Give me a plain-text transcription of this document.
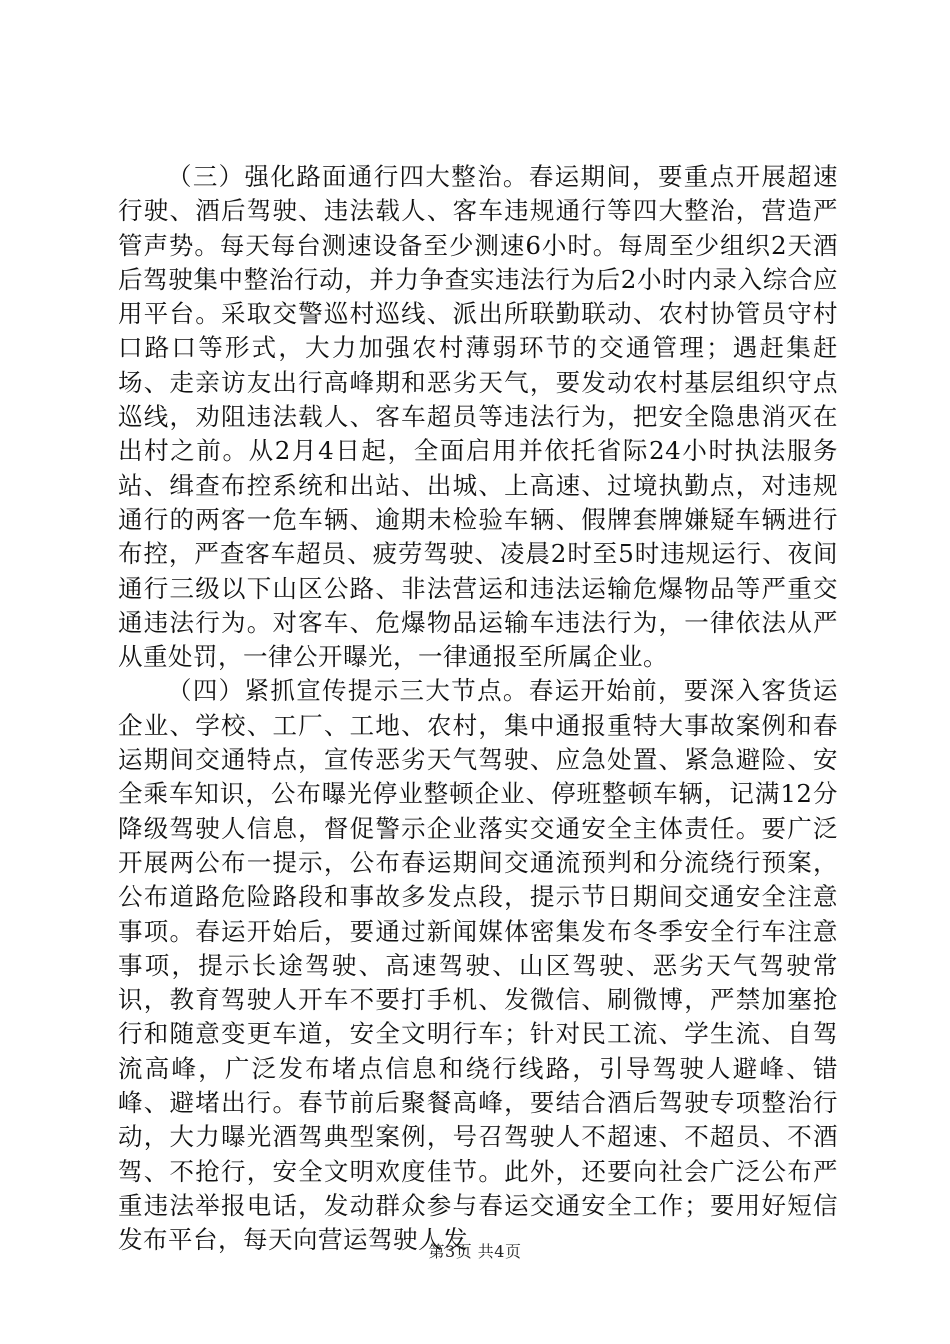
（三）强化路面通行四大整治。春运期间，要重点开展超速行驶、酒后驾驶、违法载人、客车违规通行等四大整治，营造严管声势。每天每台测速设备至少测速6小时。每周至少组织2天酒后驾驶集中整治行动，并力争查实违法行为后2小时内录入综合应用平台。采取交警巡村巡线、派出所联勤联动、农村协管员守村口路口等形式，大力加强农村薄弱环节的交通管理；遇赶集赶场、走亲访友出行高峰期和恶劣天气，要发动农村基层组织守点巡线，劝阻违法载人、客车超员等违法行为，把安全隐患消灭在出村之前。从2月4日起，全面启用并依托省际24小时执法服务站、缉查布控系统和出站、出城、上高速、过境执勤点，对违规通行的两客一危车辆、逾期未检验车辆、假牌套牌嫌疑车辆进行布控，严查客车超员、疲劳驾驶、凌晨2时至5时违规运行、夜间通行三级以下山区公路、非法营运和违法运输危爆物品等严重交通违法行为。对客车、危爆物品运输车违法行为，一律依法从严从重处罚，一律公开曝光，一律通报至所属企业。

（四）紧抓宣传提示三大节点。春运开始前，要深入客货运企业、学校、工厂、工地、农村，集中通报重特大事故案例和春运期间交通特点，宣传恶劣天气驾驶、应急处置、紧急避险、安全乘车知识，公布曝光停业整顿企业、停班整顿车辆，记满12分降级驾驶人信息，督促警示企业落实交通安全主体责任。要广泛开展两公布一提示，公布春运期间交通流预判和分流绕行预案，公布道路危险路段和事故多发点段，提示节日期间交通安全注意事项。春运开始后，要通过新闻媒体密集发布冬季安全行车注意事项，提示长途驾驶、高速驾驶、山区驾驶、恶劣天气驾驶常识，教育驾驶人开车不要打手机、发微信、刷微博，严禁加塞抢行和随意变更车道，安全文明行车；针对民工流、学生流、自驾流高峰，广泛发布堵点信息和绕行线路，引导驾驶人避峰、错峰、避堵出行。春节前后聚餐高峰，要结合酒后驾驶专项整治行动，大力曝光酒驾典型案例，号召驾驶人不超速、不超员、不酒驾、不抢行，安全文明欢度佳节。此外，还要向社会广泛公布严重违法举报电话，发动群众参与春运交通安全工作；要用好短信发布平台，每天向营运驾驶人发

第3页 共4页
